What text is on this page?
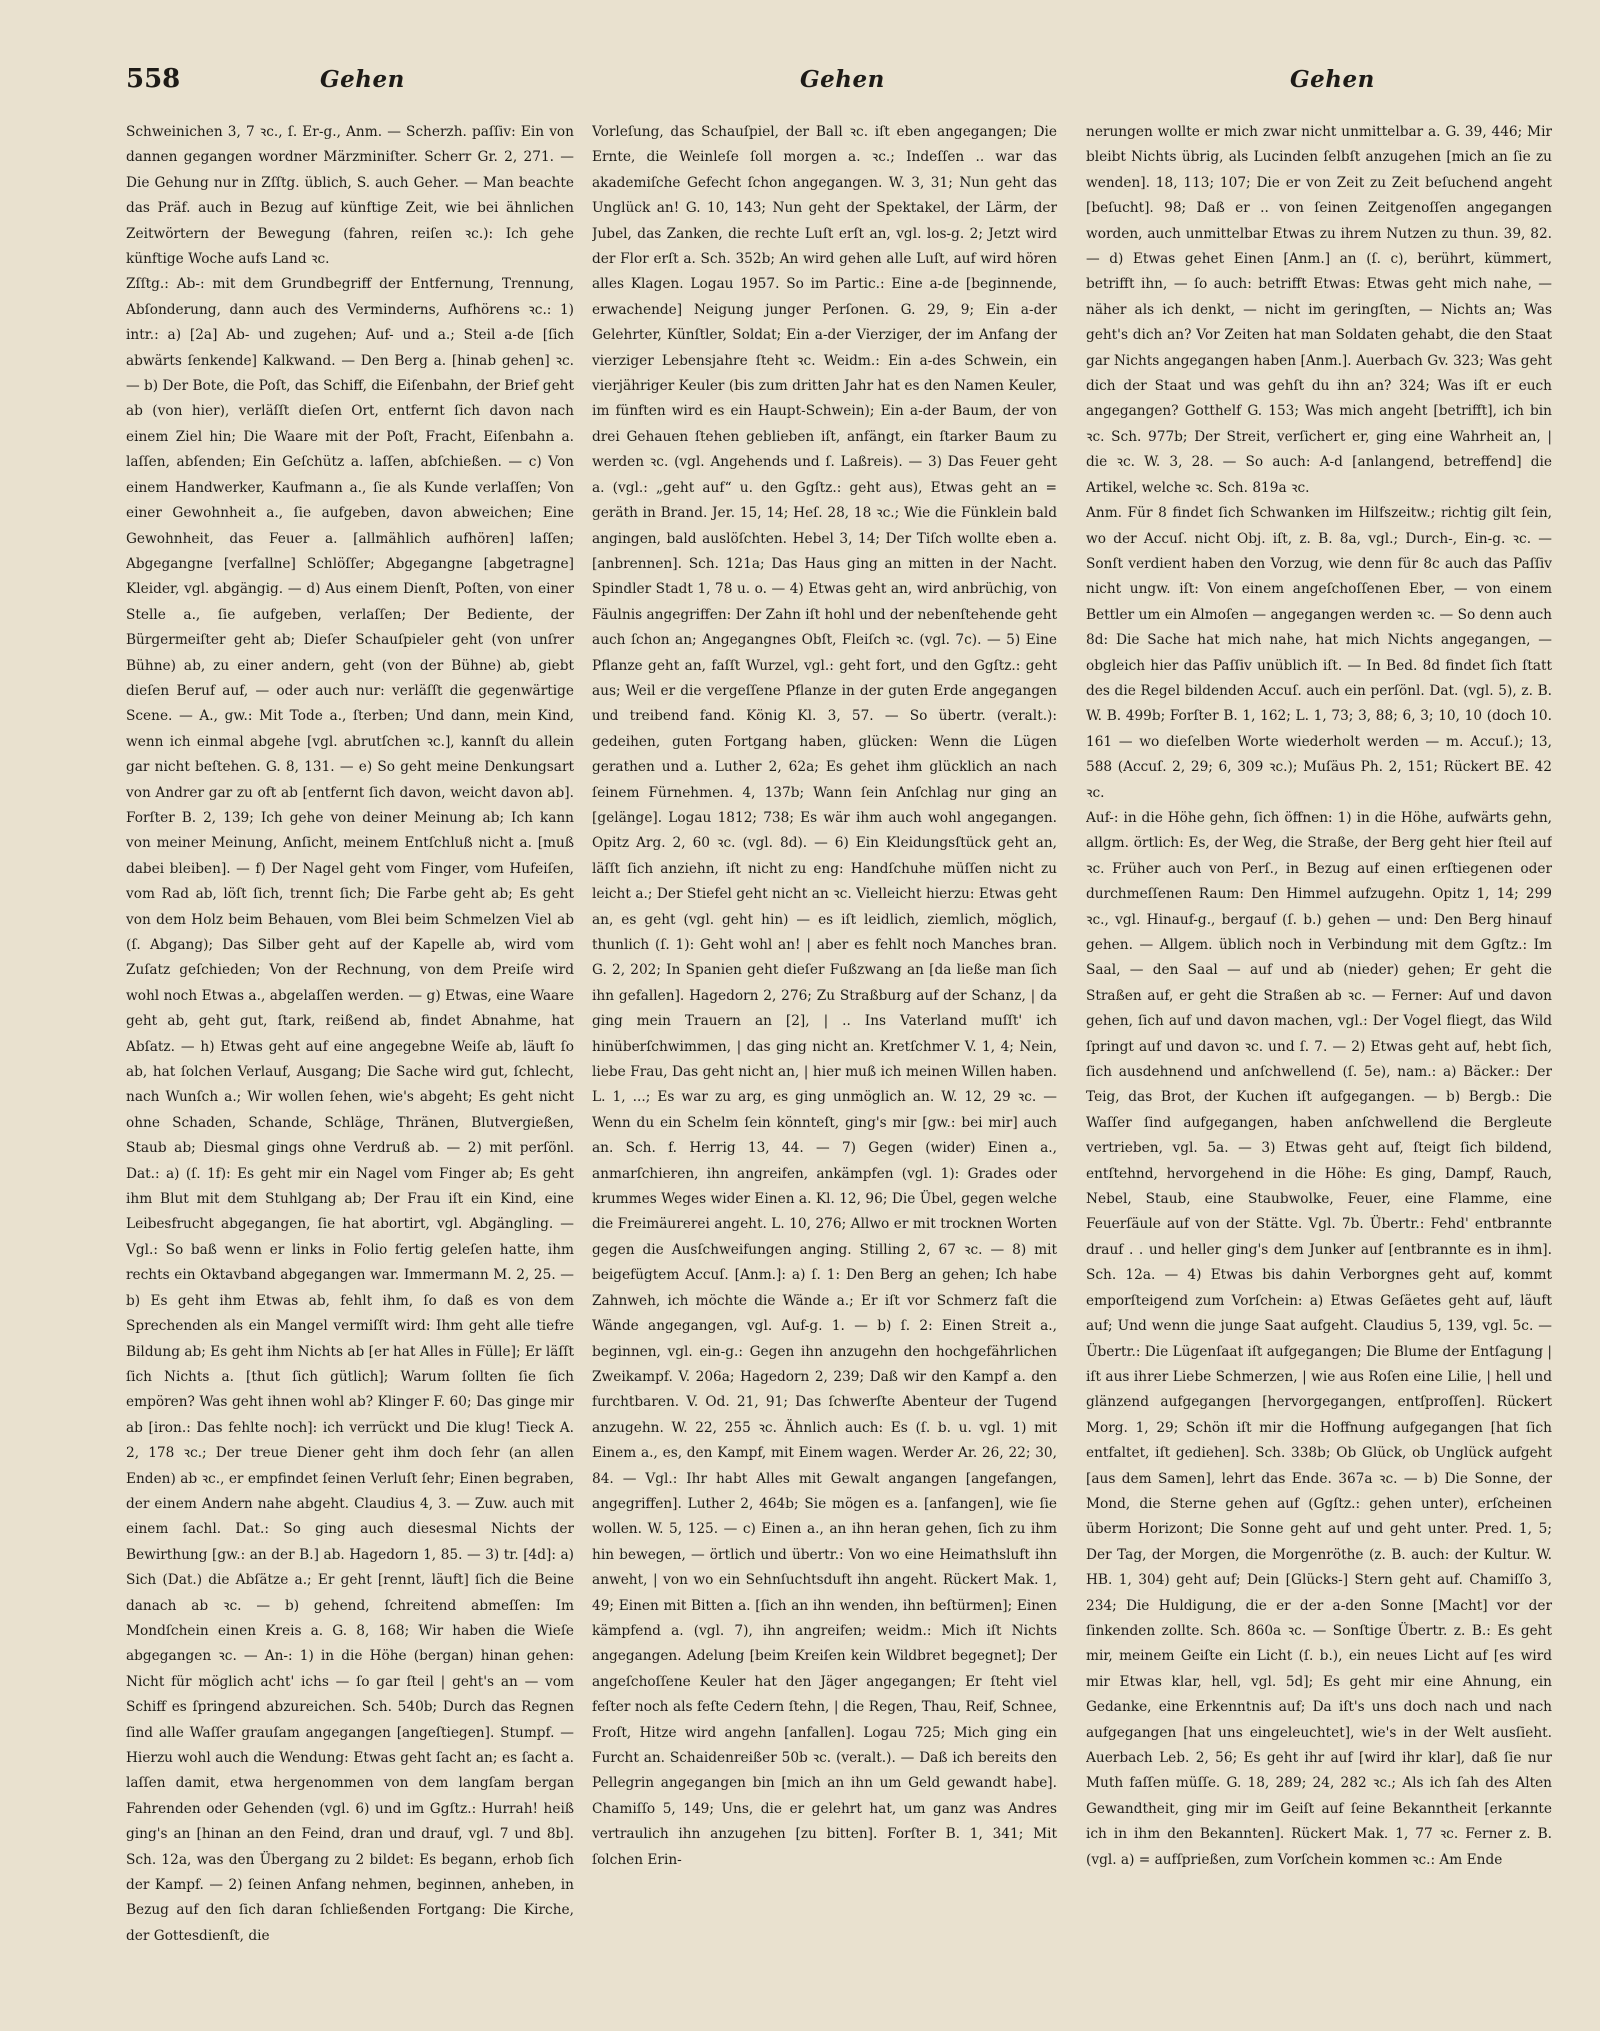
558	Gehen	Gehen	Gehen

Schweinichen 3, 7 ꝛc., ſ. Er-g., Anm. — Scherzh. paſſiv: Ein von dannen gegangen wordner Märzminiſter. Scherr Gr. 2, 271. — Die Gehung nur in Zſſtg. üblich, S. auch Geher. — Man beachte das Präf. auch in Bezug auf künftige Zeit, wie bei ähnlichen Zeitwörtern der Bewegung (fahren, reiſen ꝛc.): Ich gehe künftige Woche aufs Land ꝛc.

Zſſtg.: Ab-: mit dem Grundbegriff der Entfernung, Trennung, Abſonderung, dann auch des Verminderns, Aufhörens ꝛc.: 1) intr.: a) [2a] Ab- und zugehen; Auf- und a.; Steil a-de [ſich abwärts ſenkende] Kalkwand. — Den Berg a. [hinab gehen] ꝛc. — b) Der Bote, die Poſt, das Schiff, die Eiſenbahn, der Brief geht ab (von hier), verläſſt dieſen Ort, entfernt ſich davon nach einem Ziel hin; Die Waare mit der Poſt, Fracht, Eiſenbahn a. laſſen, abſenden; Ein Geſchütz a. laſſen, abſchießen. — c) Von einem Handwerker, Kaufmann a., ſie als Kunde verlaſſen; Von einer Gewohnheit a., ſie aufgeben, davon abweichen; Eine Gewohnheit, das Feuer a. [allmählich aufhören] laſſen; Abgegangne [verfallne] Schlöſſer; Abgegangne [abgetragne] Kleider, vgl. abgängig. — d) Aus einem Dienſt, Poſten, von einer Stelle a., ſie aufgeben, verlaſſen; Der Bediente, der Bürgermeiſter geht ab; Dieſer Schauſpieler geht (von unſrer Bühne) ab, zu einer andern, geht (von der Bühne) ab, giebt dieſen Beruf auf, — oder auch nur: verläſſt die gegenwärtige Scene. — A., gw.: Mit Tode a., ſterben; Und dann, mein Kind, wenn ich einmal abgehe [vgl. abrutſchen ꝛc.], kannſt du allein gar nicht beſtehen. G. 8, 131. — e) So geht meine Denkungsart von Andrer gar zu oft ab [entfernt ſich davon, weicht davon ab]. Forſter B. 2, 139; Ich gehe von deiner Meinung ab; Ich kann von meiner Meinung, Anſicht, meinem Entſchluß nicht a. [muß dabei bleiben]. — f) Der Nagel geht vom Finger, vom Hufeiſen, vom Rad ab, löſt ſich, trennt ſich; Die Farbe geht ab; Es geht von dem Holz beim Behauen, vom Blei beim Schmelzen Viel ab (ſ. Abgang); Das Silber geht auf der Kapelle ab, wird vom Zuſatz geſchieden; Von der Rechnung, von dem Preiſe wird wohl noch Etwas a., abgelaſſen werden. — g) Etwas, eine Waare geht ab, geht gut, ſtark, reißend ab, findet Abnahme, hat Abſatz. — h) Etwas geht auf eine angegebne Weiſe ab, läuft ſo ab, hat ſolchen Verlauf, Ausgang; Die Sache wird gut, ſchlecht, nach Wunſch a.; Wir wollen ſehen, wie's abgeht; Es geht nicht ohne Schaden, Schande, Schläge, Thränen, Blutvergießen, Staub ab; Diesmal gings ohne Verdruß ab. — 2) mit perſönl. Dat.: a) (ſ. 1f): Es geht mir ein Nagel vom Finger ab; Es geht ihm Blut mit dem Stuhlgang ab; Der Frau iſt ein Kind, eine Leibesfrucht abgegangen, ſie hat abortirt, vgl. Abgängling. — Vgl.: So baß wenn er links in Folio fertig geleſen hatte, ihm rechts ein Oktavband abgegangen war. Immermann M. 2, 25. — b) Es geht ihm Etwas ab, fehlt ihm, ſo daß es von dem Sprechenden als ein Mangel vermiſſt wird: Ihm geht alle tiefre Bildung ab; Es geht ihm Nichts ab [er hat Alles in Fülle]; Er läſſt ſich Nichts a. [thut ſich gütlich]; Warum ſollten ſie ſich empören? Was geht ihnen wohl ab? Klinger F. 60; Das ginge mir ab [iron.: Das fehlte noch]: ich verrückt und Die klug! Tieck A. 2, 178 ꝛc.; Der treue Diener geht ihm doch ſehr (an allen Enden) ab ꝛc., er empfindet ſeinen Verluſt ſehr; Einen begraben, der einem Andern nahe abgeht. Claudius 4, 3. — Zuw. auch mit einem ſachl. Dat.: So ging auch diesesmal Nichts der Bewirthung [gw.: an der B.] ab. Hagedorn 1, 85. — 3) tr. [4d]: a) Sich (Dat.) die Abſätze a.; Er geht [rennt, läuft] ſich die Beine danach ab ꝛc. — b) gehend, ſchreitend abmeſſen: Im Mondſchein einen Kreis a. G. 8, 168; Wir haben die Wieſe abgegangen ꝛc. — An-: 1) in die Höhe (bergan) hinan gehen: Nicht für möglich acht' ichs — ſo gar ſteil | geht's an — vom Schiff es ſpringend abzureichen. Sch. 540b; Durch das Regnen ſind alle Waſſer grauſam angegangen [angeſtiegen]. Stumpf. — Hierzu wohl auch die Wendung: Etwas geht ſacht an; es ſacht a. laſſen damit, etwa hergenommen von dem langſam bergan Fahrenden oder Gehenden (vgl. 6) und im Ggſtz.: Hurrah! heiß ging's an [hinan an den Feind, dran und drauf, vgl. 7 und 8b]. Sch. 12a, was den Übergang zu 2 bildet: Es begann, erhob ſich der Kampf. — 2) ſeinen Anfang nehmen, beginnen, anheben, in Bezug auf den ſich daran ſchließenden Fortgang: Die Kirche, der Gottesdienſt, die

Vorleſung, das Schauſpiel, der Ball ꝛc. iſt eben angegangen; Die Ernte, die Weinleſe ſoll morgen a. ꝛc.; Indeſſen .. war das akademiſche Gefecht ſchon angegangen. W. 3, 31; Nun geht das Unglück an! G. 10, 143; Nun geht der Spektakel, der Lärm, der Jubel, das Zanken, die rechte Luſt erſt an, vgl. los-g. 2; Jetzt wird der Flor erſt a. Sch. 352b; An wird gehen alle Luſt, auf wird hören alles Klagen. Logau 1957. So im Partic.: Eine a-de [beginnende, erwachende] Neigung junger Perſonen. G. 29, 9; Ein a-der Gelehrter, Künſtler, Soldat; Ein a-der Vierziger, der im Anfang der vierziger Lebensjahre ſteht ꝛc. Weidm.: Ein a-des Schwein, ein vierjähriger Keuler (bis zum dritten Jahr hat es den Namen Keuler, im fünften wird es ein Haupt-Schwein); Ein a-der Baum, der von drei Gehauen ſtehen geblieben iſt, anfängt, ein ſtarker Baum zu werden ꝛc. (vgl. Angehends und ſ. Laßreis). — 3) Das Feuer geht a. (vgl.: „geht auf“ u. den Ggſtz.: geht aus), Etwas geht an = geräth in Brand. Jer. 15, 14; Heſ. 28, 18 ꝛc.; Wie die Fünklein bald angingen, bald auslöſchten. Hebel 3, 14; Der Tiſch wollte eben a. [anbrennen]. Sch. 121a; Das Haus ging an mitten in der Nacht. Spindler Stadt 1, 78 u. o. — 4) Etwas geht an, wird anbrüchig, von Fäulnis angegriffen: Der Zahn iſt hohl und der nebenſtehende geht auch ſchon an; Angegangnes Obſt, Fleiſch ꝛc. (vgl. 7c). — 5) Eine Pflanze geht an, faſſt Wurzel, vgl.: geht fort, und den Ggſtz.: geht aus; Weil er die vergeſſene Pflanze in der guten Erde angegangen und treibend fand. König Kl. 3, 57. — So übertr. (veralt.): gedeihen, guten Fortgang haben, glücken: Wenn die Lügen gerathen und a. Luther 2, 62a; Es gehet ihm glücklich an nach ſeinem Fürnehmen. 4, 137b; Wann ſein Anſchlag nur ging an [gelänge]. Logau 1812; 738; Es wär ihm auch wohl angegangen. Opitz Arg. 2, 60 ꝛc. (vgl. 8d). — 6) Ein Kleidungsſtück geht an, läſſt ſich anziehn, iſt nicht zu eng: Handſchuhe müſſen nicht zu leicht a.; Der Stiefel geht nicht an ꝛc. Vielleicht hierzu: Etwas geht an, es geht (vgl. geht hin) — es iſt leidlich, ziemlich, möglich, thunlich (ſ. 1): Geht wohl an! | aber es fehlt noch Manches bran. G. 2, 202; In Spanien geht dieſer Fußzwang an [da ließe man ſich ihn gefallen]. Hagedorn 2, 276; Zu Straßburg auf der Schanz, | da ging mein Trauern an [2], | .. Ins Vaterland muſſt' ich hinüberſchwimmen, | das ging nicht an. Kretſchmer V. 1, 4; Nein, liebe Frau, Das geht nicht an, | hier muß ich meinen Willen haben. L. 1, ...; Es war zu arg, es ging unmöglich an. W. 12, 29 ꝛc. — Wenn du ein Schelm ſein könnteſt, ging's mir [gw.: bei mir] auch an. Sch. f. Herrig 13, 44. — 7) Gegen (wider) Einen a., anmarſchieren, ihn angreifen, ankämpfen (vgl. 1): Grades oder krummes Weges wider Einen a. Kl. 12, 96; Die Übel, gegen welche die Freimäurerei angeht. L. 10, 276; Allwo er mit trocknen Worten gegen die Ausſchweifungen anging. Stilling 2, 67 ꝛc. — 8) mit beigefügtem Accuſ. [Anm.]: a) ſ. 1: Den Berg an gehen; Ich habe Zahnweh, ich möchte die Wände a.; Er iſt vor Schmerz faſt die Wände angegangen, vgl. Auf-g. 1. — b) ſ. 2: Einen Streit a., beginnen, vgl. ein-g.: Gegen ihn anzugehn den hochgefährlichen Zweikampf. V. 206a; Hagedorn 2, 239; Daß wir den Kampf a. den furchtbaren. V. Od. 21, 91; Das ſchwerſte Abenteur der Tugend anzugehn. W. 22, 255 ꝛc. Ähnlich auch: Es (ſ. b. u. vgl. 1) mit Einem a., es, den Kampf, mit Einem wagen. Werder Ar. 26, 22; 30, 84. — Vgl.: Ihr habt Alles mit Gewalt angangen [angefangen, angegriffen]. Luther 2, 464b; Sie mögen es a. [anfangen], wie ſie wollen. W. 5, 125. — c) Einen a., an ihn heran gehen, ſich zu ihm hin bewegen, — örtlich und übertr.: Von wo eine Heimathsluft ihn anweht, | von wo ein Sehnſuchtsduft ihn angeht. Rückert Mak. 1, 49; Einen mit Bitten a. [ſich an ihn wenden, ihn beſtürmen]; Einen kämpfend a. (vgl. 7), ihn angreifen; weidm.: Mich iſt Nichts angegangen. Adelung [beim Kreiſen kein Wildbret begegnet]; Der angeſchoſſene Keuler hat den Jäger angegangen; Er ſteht viel feſter noch als feſte Cedern ſtehn, | die Regen, Thau, Reif, Schnee, Froſt, Hitze wird angehn [anfallen]. Logau 725; Mich ging ein Furcht an. Schaidenreißer 50b ꝛc. (veralt.). — Daß ich bereits den Pellegrin angegangen bin [mich an ihn um Geld gewandt habe]. Chamiſſo 5, 149; Uns, die er gelehrt hat, um ganz was Andres vertraulich ihn anzugehen [zu bitten]. Forſter B. 1, 341; Mit ſolchen Erin-

nerungen wollte er mich zwar nicht unmittelbar a. G. 39, 446; Mir bleibt Nichts übrig, als Lucinden ſelbſt anzugehen [mich an ſie zu wenden]. 18, 113; 107; Die er von Zeit zu Zeit beſuchend angeht [beſucht]. 98; Daß er .. von ſeinen Zeitgenoſſen angegangen worden, auch unmittelbar Etwas zu ihrem Nutzen zu thun. 39, 82. — d) Etwas gehet Einen [Anm.] an (ſ. c), berührt, kümmert, betrifft ihn, — ſo auch: betrifft Etwas: Etwas geht mich nahe, — näher als ich denkt, — nicht im geringſten, — Nichts an; Was geht's dich an? Vor Zeiten hat man Soldaten gehabt, die den Staat gar Nichts angegangen haben [Anm.]. Auerbach Gv. 323; Was geht dich der Staat und was gehſt du ihn an? 324; Was iſt er euch angegangen? Gotthelf G. 153; Was mich angeht [betrifft], ich bin ꝛc. Sch. 977b; Der Streit, verſichert er, ging eine Wahrheit an, | die ꝛc. W. 3, 28. — So auch: A-d [anlangend, betreffend] die Artikel, welche ꝛc. Sch. 819a ꝛc.

Anm. Für 8 findet ſich Schwanken im Hilfszeitw.; richtig gilt ſein, wo der Accuſ. nicht Obj. iſt, z. B. 8a, vgl.; Durch-, Ein-g. ꝛc. — Sonſt verdient haben den Vorzug, wie denn für 8c auch das Paſſiv nicht ungw. iſt: Von einem angeſchoſſenen Eber, — von einem Bettler um ein Almoſen — angegangen werden ꝛc. — So denn auch 8d: Die Sache hat mich nahe, hat mich Nichts angegangen, — obgleich hier das Paſſiv unüblich iſt. — In Bed. 8d findet ſich ſtatt des die Regel bildenden Accuſ. auch ein perſönl. Dat. (vgl. 5), z. B. W. B. 499b; Forſter B. 1, 162; L. 1, 73; 3, 88; 6, 3; 10, 10 (doch 10. 161 — wo dieſelben Worte wiederholt werden — m. Accuſ.); 13, 588 (Accuſ. 2, 29; 6, 309 ꝛc.); Muſäus Ph. 2, 151; Rückert BE. 42 ꝛc.

Auf-: in die Höhe gehn, ſich öffnen: 1) in die Höhe, aufwärts gehn, allgm. örtlich: Es, der Weg, die Straße, der Berg geht hier ſteil auf ꝛc. Früher auch von Perſ., in Bezug auf einen erſtiegenen oder durchmeſſenen Raum: Den Himmel aufzugehn. Opitz 1, 14; 299 ꝛc., vgl. Hinauf-g., bergauf (ſ. b.) gehen — und: Den Berg hinauf gehen. — Allgem. üblich noch in Verbindung mit dem Ggſtz.: Im Saal, — den Saal — auf und ab (nieder) gehen; Er geht die Straßen auf, er geht die Straßen ab ꝛc. — Ferner: Auf und davon gehen, ſich auf und davon machen, vgl.: Der Vogel fliegt, das Wild ſpringt auf und davon ꝛc. und ſ. 7. — 2) Etwas geht auf, hebt ſich, ſich ausdehnend und anſchwellend (ſ. 5e), nam.: a) Bäcker.: Der Teig, das Brot, der Kuchen iſt aufgegangen. — b) Bergb.: Die Waſſer ſind aufgegangen, haben anſchwellend die Bergleute vertrieben, vgl. 5a. — 3) Etwas geht auf, ſteigt ſich bildend, entſtehnd, hervorgehend in die Höhe: Es ging, Dampf, Rauch, Nebel, Staub, eine Staubwolke, Feuer, eine Flamme, eine Feuerſäule auf von der Stätte. Vgl. 7b. Übertr.: Fehd' entbrannte drauf . . und heller ging's dem Junker auf [entbrannte es in ihm]. Sch. 12a. — 4) Etwas bis dahin Verborgnes geht auf, kommt emporſteigend zum Vorſchein: a) Etwas Geſäetes geht auf, läuft auf; Und wenn die junge Saat aufgeht. Claudius 5, 139, vgl. 5c. — Übertr.: Die Lügenſaat iſt aufgegangen; Die Blume der Entſagung | iſt aus ihrer Liebe Schmerzen, | wie aus Roſen eine Lilie, | hell und glänzend aufgegangen [hervorgegangen, entſproſſen]. Rückert Morg. 1, 29; Schön iſt mir die Hoffnung aufgegangen [hat ſich entfaltet, iſt gediehen]. Sch. 338b; Ob Glück, ob Unglück aufgeht [aus dem Samen], lehrt das Ende. 367a ꝛc. — b) Die Sonne, der Mond, die Sterne gehen auf (Ggſtz.: gehen unter), erſcheinen überm Horizont; Die Sonne geht auf und geht unter. Pred. 1, 5; Der Tag, der Morgen, die Morgenröthe (z. B. auch: der Kultur. W. HB. 1, 304) geht auf; Dein [Glücks-] Stern geht auf. Chamiſſo 3, 234; Die Huldigung, die er der a-den Sonne [Macht] vor der ſinkenden zollte. Sch. 860a ꝛc. — Sonſtige Übertr. z. B.: Es geht mir, meinem Geiſte ein Licht (ſ. b.), ein neues Licht auf [es wird mir Etwas klar, hell, vgl. 5d]; Es geht mir eine Ahnung, ein Gedanke, eine Erkenntnis auf; Da iſt's uns doch nach und nach aufgegangen [hat uns eingeleuchtet], wie's in der Welt ausſieht. Auerbach Leb. 2, 56; Es geht ihr auf [wird ihr klar], daß ſie nur Muth faſſen müſſe. G. 18, 289; 24, 282 ꝛc.; Als ich ſah des Alten Gewandtheit, ging mir im Geiſt auf ſeine Bekanntheit [erkannte ich in ihm den Bekannten]. Rückert Mak. 1, 77 ꝛc. Ferner z. B. (vgl. a) = aufſprießen, zum Vorſchein kommen ꝛc.: Am Ende
